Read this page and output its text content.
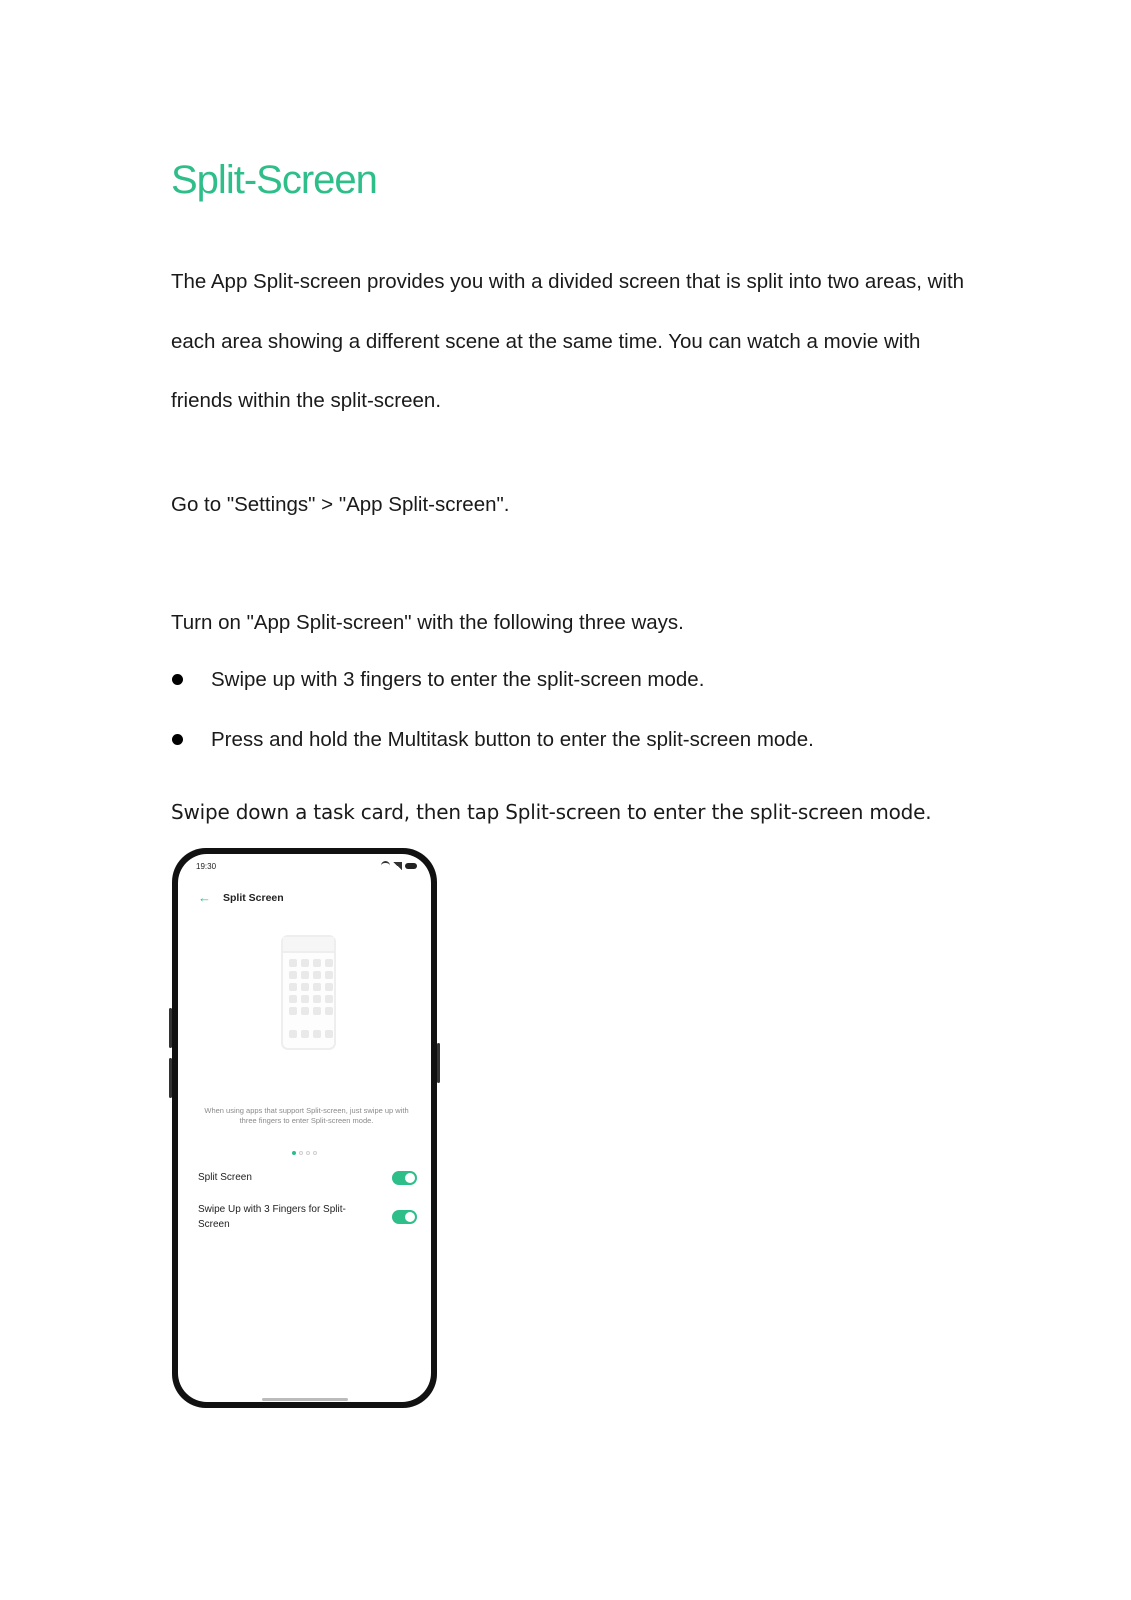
Split-Screen

The App Split-screen provides you with a divided screen that is split into two areas, with each area showing a different scene at the same time. You can watch a movie with friends within the split-screen.

Go to "Settings" > "App Split-screen".

Turn on "App Split-screen" with the following three ways.

Swipe up with 3 fingers to enter the split-screen mode.
Press and hold the Multitask button to enter the split-screen mode.

Swipe down a task card, then tap Split-screen to enter the split-screen mode.

19:30
← Split Screen
When using apps that support Split-screen, just swipe up with three fingers to enter Split-screen mode.
Split Screen
Swipe Up with 3 Fingers for Split-Screen
